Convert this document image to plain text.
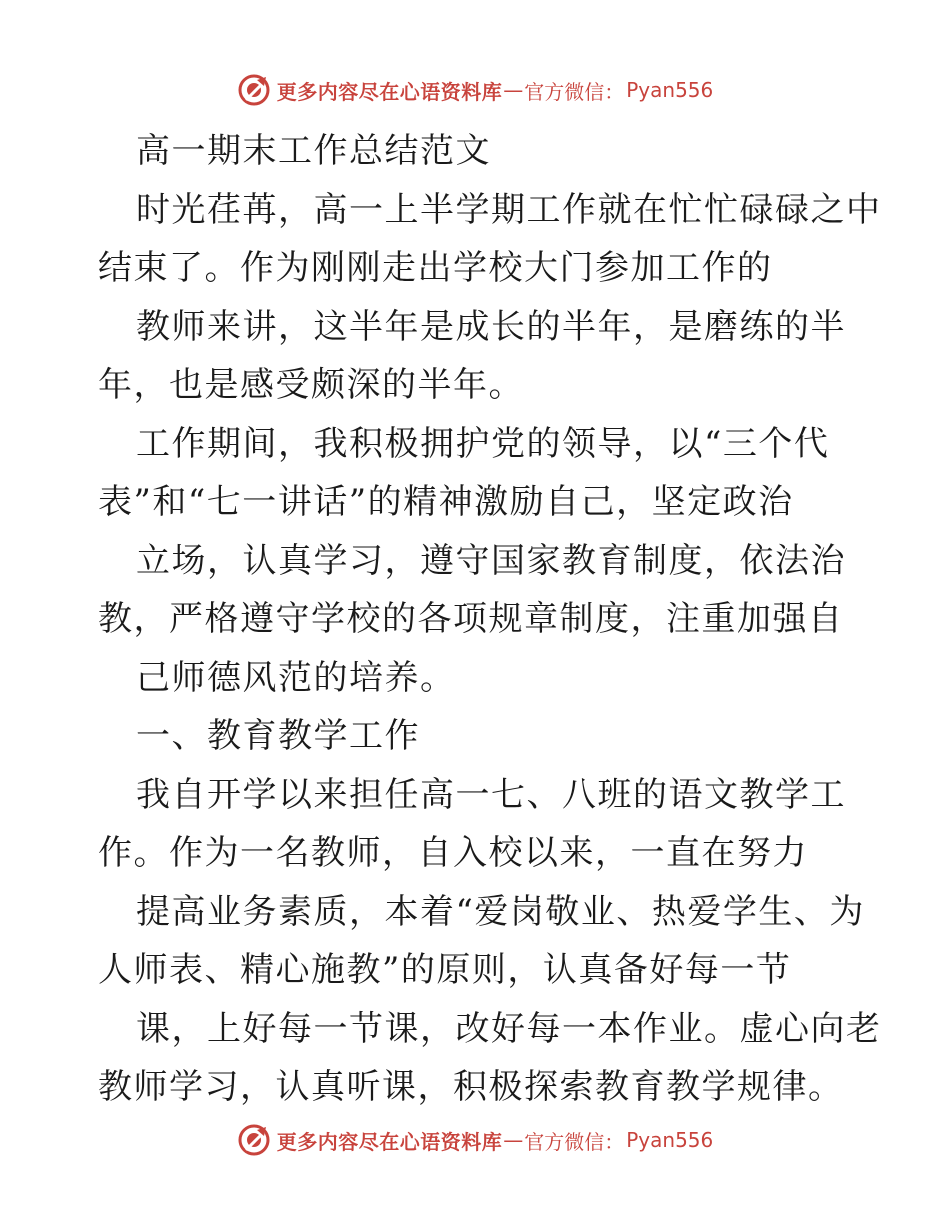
更多内容尽在心语资料库 — 官方微信： Pyan556
高一期末工作总结范文
时光荏苒，高一上半学期工作就在忙忙碌碌之中
结束了。作为刚刚走出学校大门参加工作的
教师来讲，这半年是成长的半年，是磨练的半
年，也是感受颇深的半年。
工作期间，我积极拥护党的领导，以“三个代
表”和“七一讲话”的精神激励自己，坚定政治
立场，认真学习，遵守国家教育制度，依法治
教，严格遵守学校的各项规章制度，注重加强自
己师德风范的培养。
一、教育教学工作
我自开学以来担任高一七、八班的语文教学工
作。作为一名教师，自入校以来，一直在努力
提高业务素质，本着“爱岗敬业、热爱学生、为
人师表、精心施教”的原则，认真备好每一节
课，上好每一节课，改好每一本作业。虚心向老
教师学习，认真听课，积极探索教育教学规律。
更多内容尽在心语资料库 — 官方微信： Pyan556
